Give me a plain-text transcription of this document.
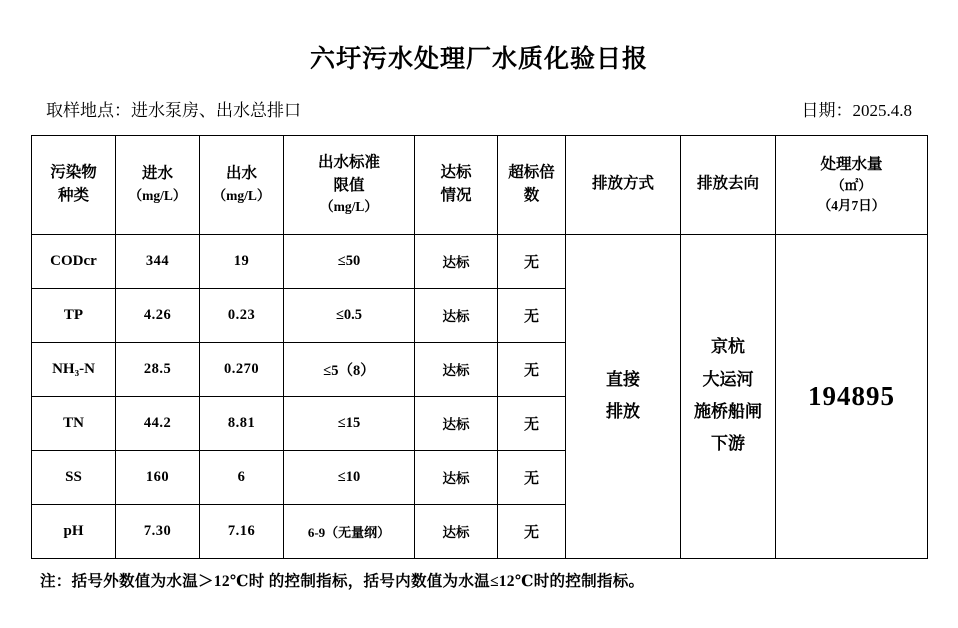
六圩污水处理厂水质化验日报
取样地点：进水泵房、出水总排口	日期：2025.4.8
污染物
种类

进水
（mg/L）

出水
（mg/L）

出水标准
限值
（mg/L）

达标
情况

超标倍
数
	排放方式	排放去向	
处理水量
（㎡）
（4月7日）

CODcr	344	19	≤50	达标	无	
直接
排放

京杭
大运河
施桥船闸
下游
	194895
TP	4.26	0.23	≤0.5	达标	无			
NH₃-N	28.5	0.270	≤5（8）	达标	无			
TN	44.2	8.81	≤15	达标	无			
SS	160	6	≤10	达标	无			
pH	7.30	7.16	6-9（无量纲）	达标	无			
注：括号外数值为水温＞12℃时 的控制指标，括号内数值为水温≤12℃时的控制指标。
